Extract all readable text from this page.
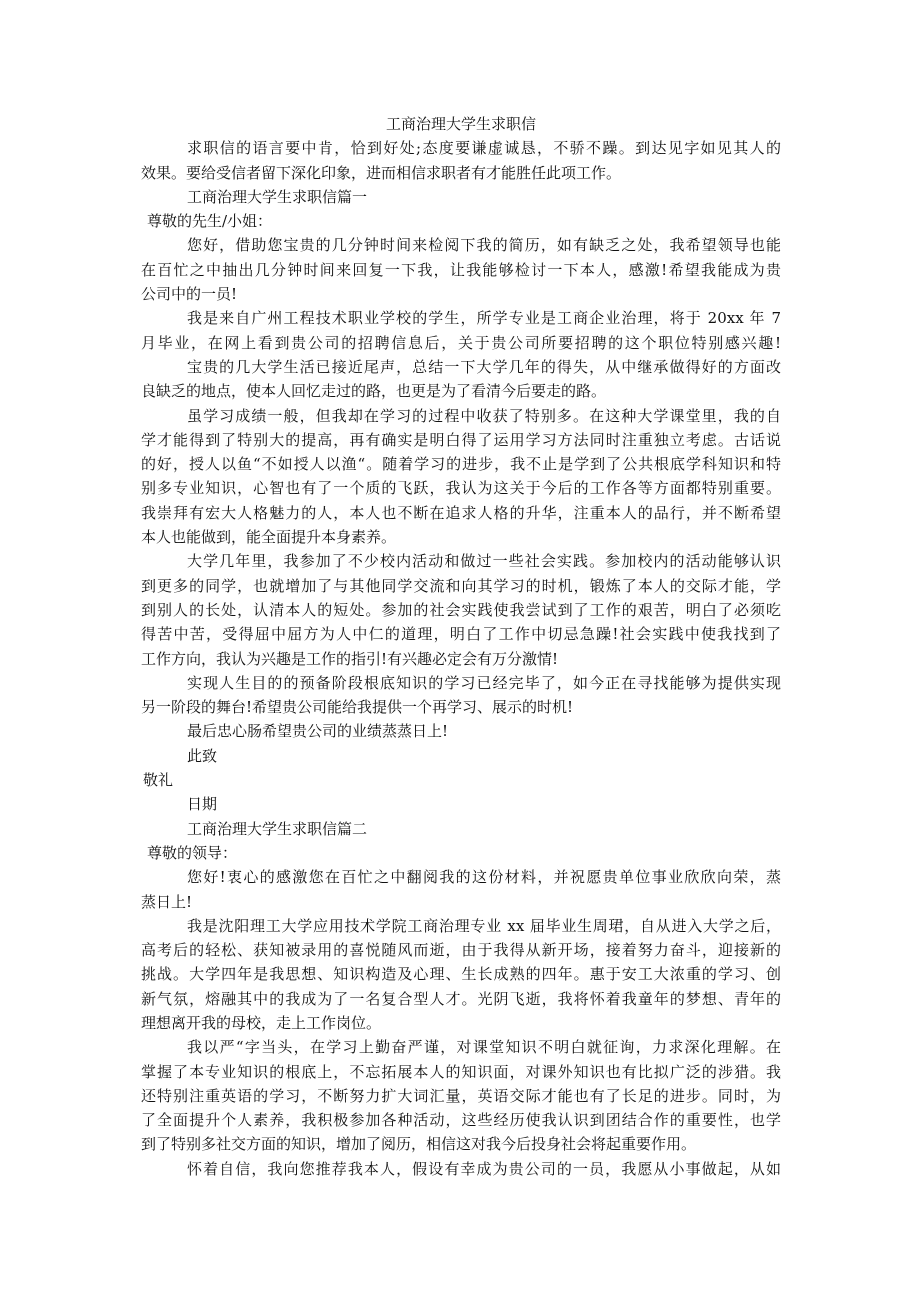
工商治理大学生求职信
求职信的语言要中肯，恰到好处;态度要谦虚诚恳，不骄不躁。到达见字如见其人的
效果。要给受信者留下深化印象，进而相信求职者有才能胜任此项工作。
工商治理大学生求职信篇一
尊敬的先生/小姐：
您好，借助您宝贵的几分钟时间来检阅下我的简历，如有缺乏之处，我希望领导也能
在百忙之中抽出几分钟时间来回复一下我，让我能够检讨一下本人，感激!希望我能成为贵
公司中的一员!
我是来自广州工程技术职业学校的学生，所学专业是工商企业治理，将于 20xx 年 7
月毕业，在网上看到贵公司的招聘信息后，关于贵公司所要招聘的这个职位特别感兴趣!
宝贵的几大学生活已接近尾声，总结一下大学几年的得失，从中继承做得好的方面改
良缺乏的地点，使本人回忆走过的路，也更是为了看清今后要走的路。
虽学习成绩一般，但我却在学习的过程中收获了特别多。在这种大学课堂里，我的自
学才能得到了特别大的提高，再有确实是明白得了运用学习方法同时注重独立考虑。古话说
的好，授人以鱼“不如授人以渔“。随着学习的进步，我不止是学到了公共根底学科知识和特
别多专业知识，心智也有了一个质的飞跃，我认为这关于今后的工作各等方面都特别重要。
我崇拜有宏大人格魅力的人，本人也不断在追求人格的升华，注重本人的品行，并不断希望
本人也能做到，能全面提升本身素养。
大学几年里，我参加了不少校内活动和做过一些社会实践。参加校内的活动能够认识
到更多的同学，也就增加了与其他同学交流和向其学习的时机，锻炼了本人的交际才能，学
到别人的长处，认清本人的短处。参加的社会实践使我尝试到了工作的艰苦，明白了必须吃
得苦中苦，受得屈中屈方为人中仁的道理，明白了工作中切忌急躁!社会实践中使我找到了
工作方向，我认为兴趣是工作的指引!有兴趣必定会有万分激情!
实现人生目的的预备阶段根底知识的学习已经完毕了，如今正在寻找能够为提供实现
另一阶段的舞台!希望贵公司能给我提供一个再学习、展示的时机!
最后忠心肠希望贵公司的业绩蒸蒸日上!
此致
敬礼
日期
工商治理大学生求职信篇二
尊敬的领导：
您好!衷心的感激您在百忙之中翻阅我的这份材料，并祝愿贵单位事业欣欣向荣，蒸
蒸日上!
我是沈阳理工大学应用技术学院工商治理专业 xx 届毕业生周珺，自从进入大学之后，
高考后的轻松、获知被录用的喜悦随风而逝，由于我得从新开场，接着努力奋斗，迎接新的
挑战。大学四年是我思想、知识构造及心理、生长成熟的四年。惠于安工大浓重的学习、创
新气氛，熔融其中的我成为了一名复合型人才。光阴飞逝，我将怀着我童年的梦想、青年的
理想离开我的母校，走上工作岗位。
我以严“字当头，在学习上勤奋严谨，对课堂知识不明白就征询，力求深化理解。在
掌握了本专业知识的根底上，不忘拓展本人的知识面，对课外知识也有比拟广泛的涉猎。我
还特别注重英语的学习，不断努力扩大词汇量，英语交际才能也有了长足的进步。同时，为
了全面提升个人素养，我积极参加各种活动，这些经历使我认识到团结合作的重要性，也学
到了特别多社交方面的知识，增加了阅历，相信这对我今后投身社会将起重要作用。
怀着自信，我向您推荐我本人，假设有幸成为贵公司的一员，我愿从小事做起，从如
